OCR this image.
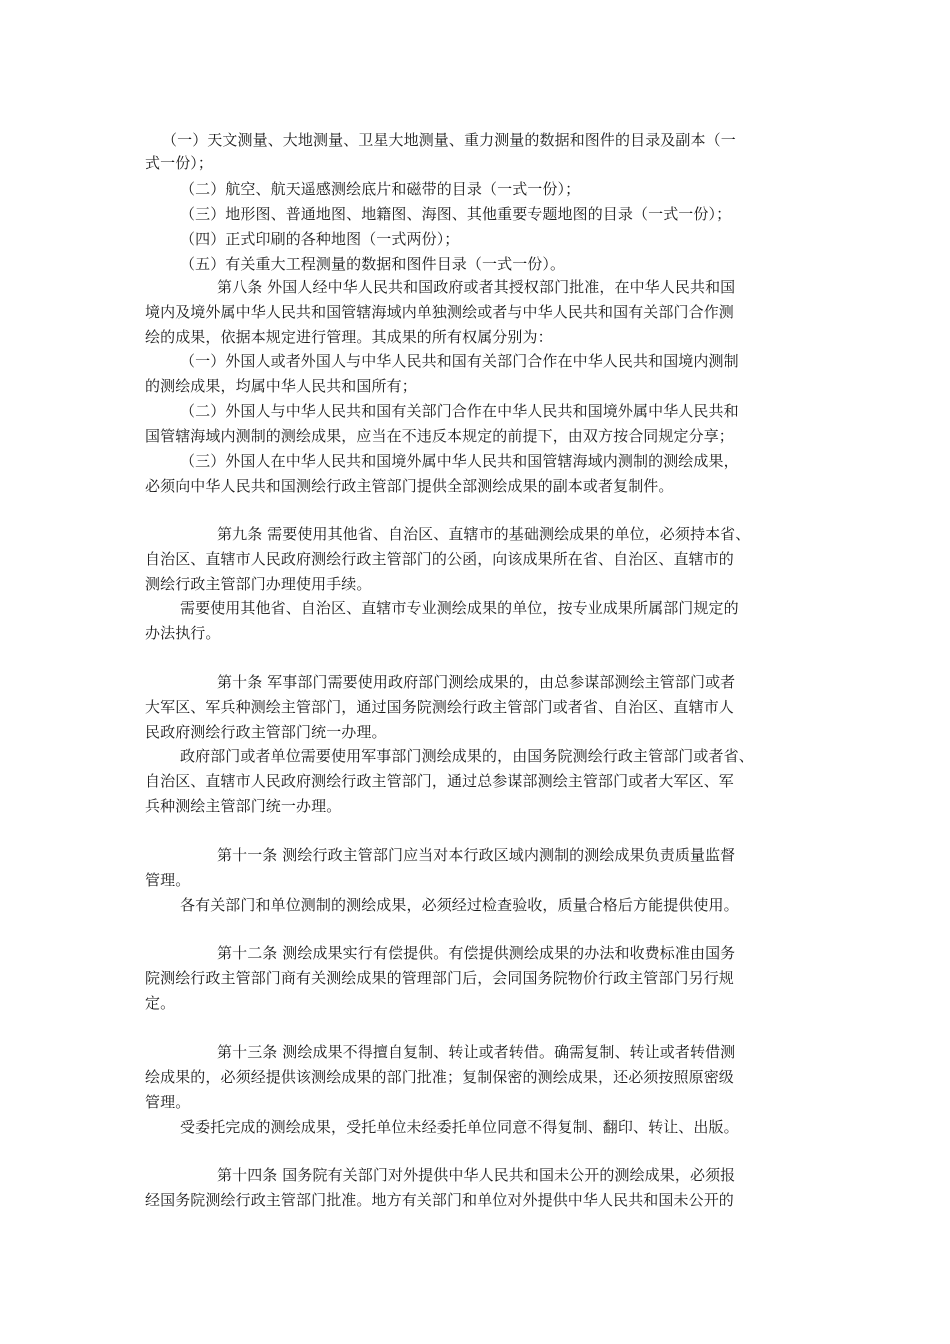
（一）天文测量、大地测量、卫星大地测量、重力测量的数据和图件的目录及副本（一

式一份）；

（二）航空、航天遥感测绘底片和磁带的目录（一式一份）；

（三）地形图、普通地图、地籍图、海图、其他重要专题地图的目录（一式一份）；

（四）正式印刷的各种地图（一式两份）；

（五）有关重大工程测量的数据和图件目录（一式一份）。

第八条 外国人经中华人民共和国政府或者其授权部门批准，在中华人民共和国

境内及境外属中华人民共和国管辖海域内单独测绘或者与中华人民共和国有关部门合作测

绘的成果，依据本规定进行管理。其成果的所有权属分别为：

（一）外国人或者外国人与中华人民共和国有关部门合作在中华人民共和国境内测制

的测绘成果，均属中华人民共和国所有；

（二）外国人与中华人民共和国有关部门合作在中华人民共和国境外属中华人民共和

国管辖海域内测制的测绘成果，应当在不违反本规定的前提下，由双方按合同规定分享；

（三）外国人在中华人民共和国境外属中华人民共和国管辖海域内测制的测绘成果，

必须向中华人民共和国测绘行政主管部门提供全部测绘成果的副本或者复制件。

第九条 需要使用其他省、自治区、直辖市的基础测绘成果的单位，必须持本省、

自治区、直辖市人民政府测绘行政主管部门的公函，向该成果所在省、自治区、直辖市的

测绘行政主管部门办理使用手续。

需要使用其他省、自治区、直辖市专业测绘成果的单位，按专业成果所属部门规定的

办法执行。

第十条 军事部门需要使用政府部门测绘成果的，由总参谋部测绘主管部门或者

大军区、军兵种测绘主管部门，通过国务院测绘行政主管部门或者省、自治区、直辖市人

民政府测绘行政主管部门统一办理。

政府部门或者单位需要使用军事部门测绘成果的，由国务院测绘行政主管部门或者省、

自治区、直辖市人民政府测绘行政主管部门，通过总参谋部测绘主管部门或者大军区、军

兵种测绘主管部门统一办理。

第十一条 测绘行政主管部门应当对本行政区域内测制的测绘成果负责质量监督

管理。

各有关部门和单位测制的测绘成果，必须经过检查验收，质量合格后方能提供使用。

第十二条 测绘成果实行有偿提供。有偿提供测绘成果的办法和收费标准由国务

院测绘行政主管部门商有关测绘成果的管理部门后，会同国务院物价行政主管部门另行规

定。

第十三条 测绘成果不得擅自复制、转让或者转借。确需复制、转让或者转借测

绘成果的，必须经提供该测绘成果的部门批准；复制保密的测绘成果，还必须按照原密级

管理。

受委托完成的测绘成果，受托单位未经委托单位同意不得复制、翻印、转让、出版。

第十四条 国务院有关部门对外提供中华人民共和国未公开的测绘成果，必须报

经国务院测绘行政主管部门批准。地方有关部门和单位对外提供中华人民共和国未公开的
